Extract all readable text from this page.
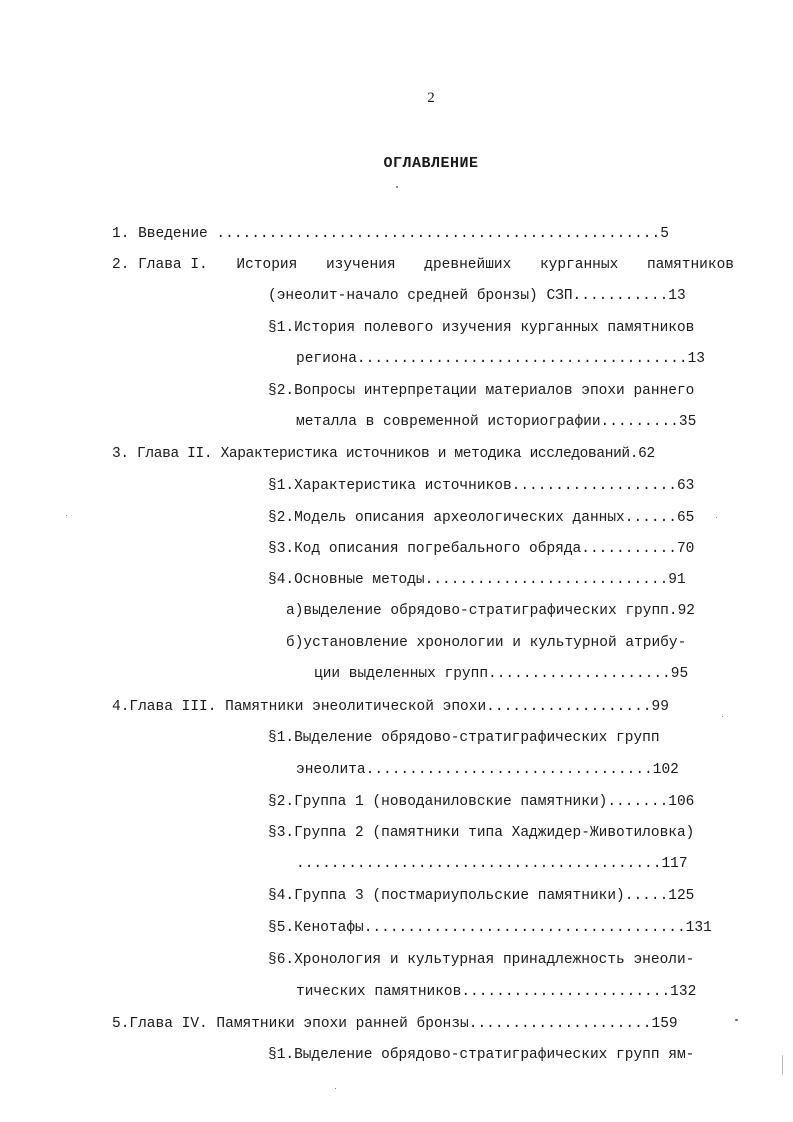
2
ОГЛАВЛЕНИЕ
1. Введение ...................................................5
2. Глава I. История изучения древнейших курганных памятников
(энеолит-начало средней бронзы) СЗП...........13
§1.История полевого изучения курганных памятников
региона......................................13
§2.Вопросы интерпретации материалов эпохи раннего
металла в современной историографии.........35
3. Глава II. Характеристика источников и методика исследований.62
§1.Характеристика источников...................63
§2.Модель описания археологических данных......65
§3.Код описания погребального обряда...........70
§4.Основные методы............................91
а)выделение обрядово-стратиграфических групп.92
б)установление хронологии и культурной атрибу-
ции выделенных групп.....................95
4.Глава III. Памятники энеолитической эпохи...................99
§1.Выделение обрядово-стратиграфических групп
энеолита.................................102
§2.Группа 1 (новоданиловские памятники).......106
§3.Группа 2 (памятники типа Хаджидер-Животиловка)
..........................................117
§4.Группа 3 (постмариупольские памятники).....125
§5.Кенотафы.....................................131
§6.Хронология и культурная принадлежность энеоли-
тических памятников........................132
5.Глава IV. Памятники эпохи ранней бронзы.....................159
§1.Выделение обрядово-стратиграфических групп ям-
